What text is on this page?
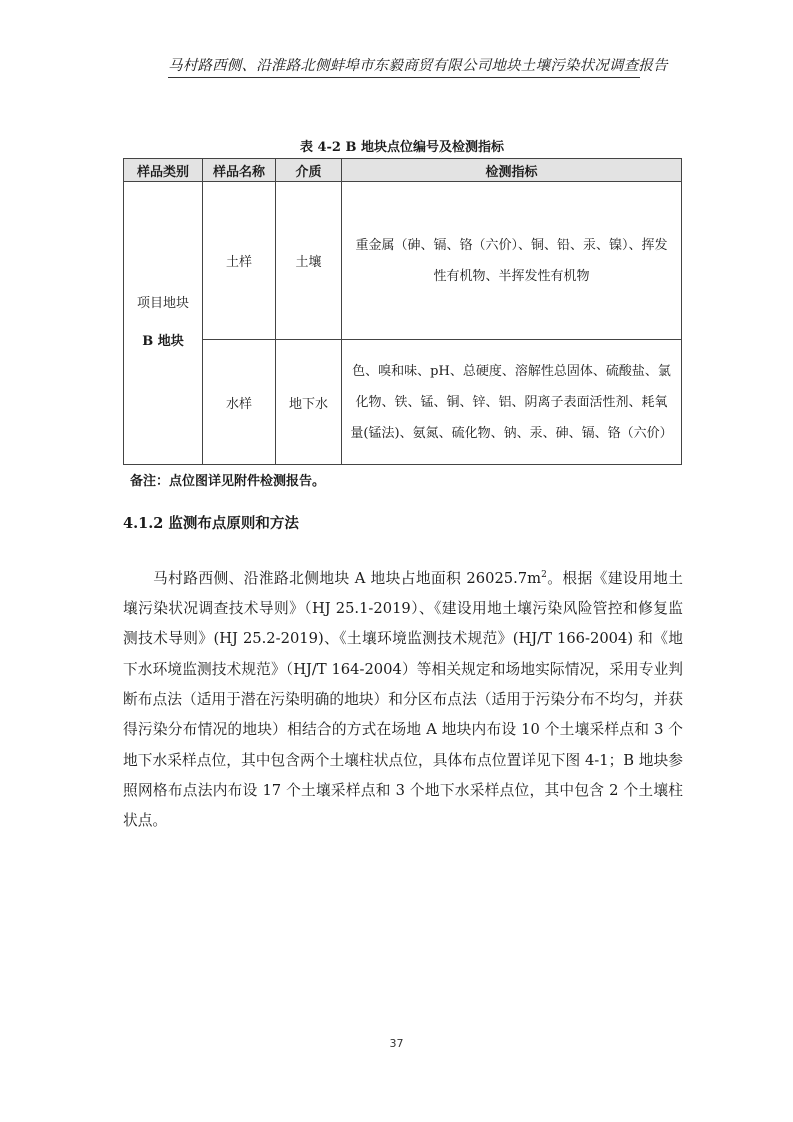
马村路西侧、沿淮路北侧蚌埠市东毅商贸有限公司地块土壤污染状况调查报告
表 4-2 B 地块点位编号及检测指标
样品类别	样品名称	介质	检测指标

项目地块
B 地块	土样	土壤	重金属（砷、镉、铬（六价）、铜、铅、汞、镍）、挥发性有机物、半挥发性有机物
	水样	地下水	色、嗅和味、pH、总硬度、溶解性总固体、硫酸盐、氯化物、铁、锰、铜、锌、铝、阴离子表面活性剂、耗氧量(锰法)、氨氮、硫化物、钠、汞、砷、镉、铬（六价）
备注：点位图详见附件检测报告。
4.1.2 监测布点原则和方法
马村路西侧、沿淮路北侧地块 A 地块占地面积 $26025.7m^2$。根据《建设用地土壤污染状况调查技术导则》（HJ 25.1-2019）、《建设用地土壤污染风险管控和修复监测技术导则》(HJ 25.2-2019)、《土壤环境监测技术规范》(HJ/T 166-2004) 和《地下水环境监测技术规范》（HJ/T 164-2004）等相关规定和场地实际情况，采用专业判断布点法（适用于潜在污染明确的地块）和分区布点法（适用于污染分布不均匀，并获得污染分布情况的地块）相结合的方式在场地 A 地块内布设 10 个土壤采样点和 3 个地下水采样点位，其中包含两个土壤柱状点位，具体布点位置详见下图 4-1；B 地块参照网格布点法内布设 17 个土壤采样点和 3 个地下水采样点位，其中包含 2 个土壤柱状点。
37
